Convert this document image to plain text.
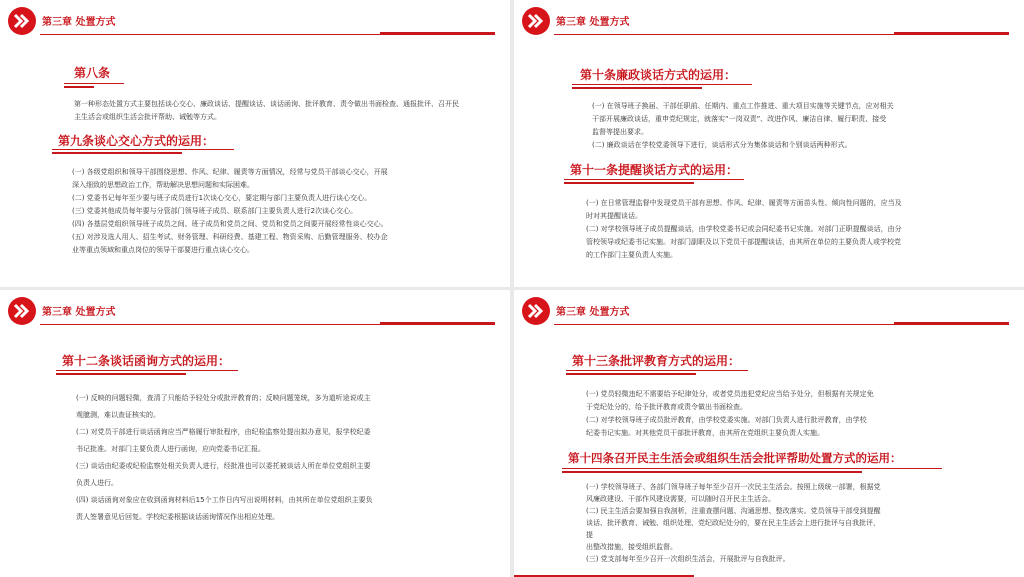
第三章 处置方式
第八条
第一种形态处置方式主要包括谈心交心、廉政谈话、提醒谈话、谈话函询、批评教育、责令做出书面检查、通报批评、召开民主生活会或组织生活会批评帮助、诫勉等方式。
第九条谈心交心方式的运用：

(一) 各级党组织和领导干部围绕思想、作风、纪律、履责等方面情况，经常与党员干部谈心交心，开展

深入细致的思想政治工作，帮助解决思想问题和实际困难。

(二) 党委书记每年至少要与班子成员进行1次谈心交心，要定期与部门主要负责人进行谈心交心。

(三) 党委其他成员每年要与分管部门领导班子成员、联系部门主要负责人进行2次谈心交心。

(四) 各基层党组织领导班子成员之间、班子成员和党员之间、党员和党员之间要开展经常性谈心交心。

(五) 对涉及选人用人、招生考试、财务管理、科研经费、基建工程、物资采购、后勤管理服务、校办企

业等重点领域和重点岗位的领导干部要进行重点谈心交心。

第三章 处置方式
第十条廉政谈话方式的运用：

(一) 在领导班子换届、干部任职前、任期内、重点工作推进、重大项目实施等关键节点，应对相关

干部开展廉政谈话，重申党纪规定，就落实“一岗双责”、改进作风、廉洁自律、履行职责、接受

监督等提出要求。

(二) 廉政谈话在学校党委领导下进行，谈话形式分为集体谈话和个别谈话两种形式。

第十一条提醒谈话方式的运用：

(一) 在日常管理监督中发现党员干部有思想、作风、纪律、履责等方面苗头性、倾向性问题的，应当及

时对其提醒谈话。

(二) 对学校领导班子成员提醒谈话，由学校党委书记或会同纪委书记实施。对部门正职提醒谈话，由分

管校领导或纪委书记实施。对部门副职及以下党员干部提醒谈话，由其所在单位的主要负责人或学校党

的工作部门主要负责人实施。

第三章 处置方式
第十二条谈话函询方式的运用：

(一) 反映的问题轻微，查清了只能给予轻处分或批评教育的；反映问题笼统，多为道听途说或主

观臆测，难以查证核实的。

(二) 对党员干部进行谈话函询应当严格履行审批程序，由纪检监察处提出拟办意见，报学校纪委

书记批准。对部门主要负责人进行函询，应向党委书记汇报。

(三) 谈话由纪委或纪检监察处相关负责人进行，经批准也可以委托被谈话人所在单位党组织主要

负责人进行。

(四) 谈话函询对象应在收到函询材料后15个工作日内写出说明材料，由其所在单位党组织主要负

责人签署意见后回复。学校纪委根据谈话函询情况作出相应处理。

第三章 处置方式
第十三条批评教育方式的运用：

(一) 党员轻微违纪不需要给予纪律处分，或者党员违犯党纪应当给予处分，但根据有关规定免

于党纪处分的，给予批评教育或责令做出书面检查。

(二) 对学校领导班子成员批评教育，由学校党委实施。对部门负责人进行批评教育，由学校

纪委书记实施。对其他党员干部批评教育，由其所在党组织主要负责人实施。

第十四条召开民主生活会或组织生活会批评帮助处置方式的运用：

(一) 学校领导班子、各部门领导班子每年至少召开一次民主生活会。按照上级统一部署，根据党

风廉政建设、干部作风建设需要，可以随时召开民主生活会。

(二) 民主生活会要加强自我剖析，注重查摆问题、沟通思想、整改落实。党员领导干部受到提醒

谈话、批评教育、诫勉、组织处理、党纪政纪处分的，要在民主生活会上进行批评与自我批评，

提

出整改措施，接受组织监督。

(三) 党支部每年至少召开一次组织生活会，开展批评与自我批评。
